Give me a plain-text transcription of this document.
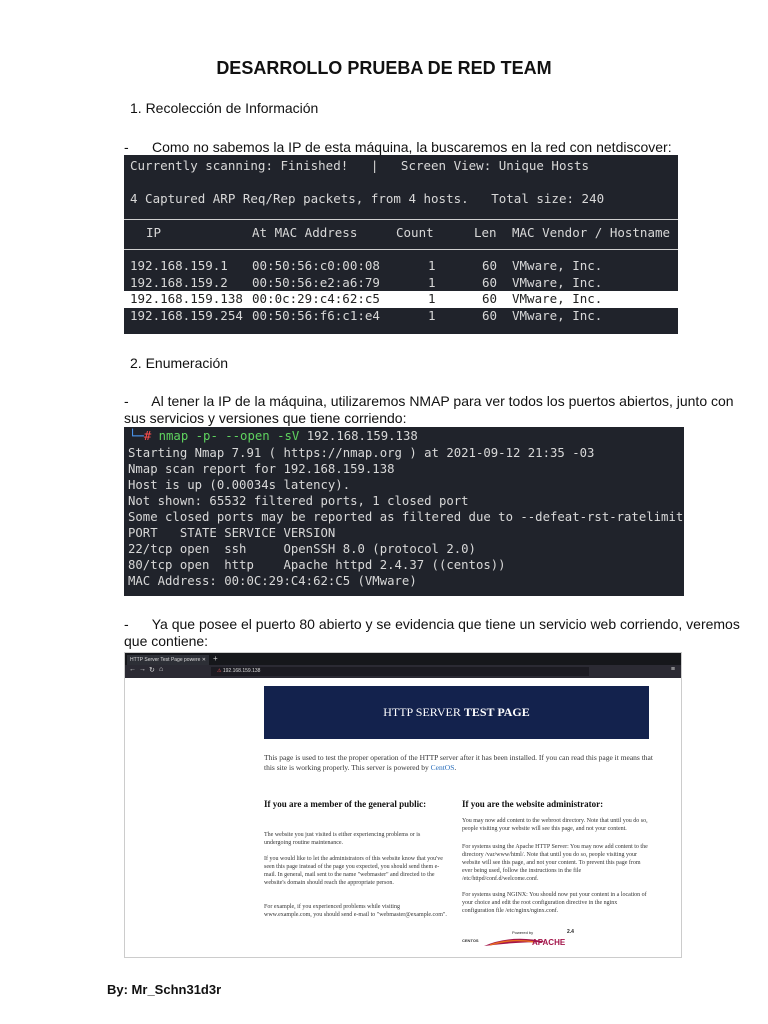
DESARROLLO PRUEBA DE RED TEAM
1. Recolección de Información
-      Como no sabemos la IP de esta máquina, la buscaremos en la red con netdiscover:
Currently scanning: Finished!   |   Screen View: Unique Hosts
4 Captured ARP Req/Rep packets, from 4 hosts.   Total size: 240
IP	At MAC Address	Count	Len MAC Vendor / Hostname
192.168.159.1 00:50:56:c0:00:08	1	60 VMware, Inc.
192.168.159.2 00:50:56:e2:a6:79	1	60 VMware, Inc.
192.168.159.138 00:0c:29:c4:62:c5	1	60 VMware, Inc.
192.168.159.254 00:50:56:f6:c1:e4	1	60 VMware, Inc.
2. Enumeración
-      Al tener la IP de la máquina, utilizaremos NMAP para ver todos los puertos abiertos, junto con
sus servicios y versiones que tiene corriendo:
└─# nmap -p- --open -sV 192.168.159.138
Starting Nmap 7.91 ( https://nmap.org ) at 2021-09-12 21:35 -03
Nmap scan report for 192.168.159.138
Host is up (0.00034s latency).
Not shown: 65532 filtered ports, 1 closed port
Some closed ports may be reported as filtered due to --defeat-rst-ratelimit
PORT   STATE SERVICE VERSION
22/tcp open  ssh     OpenSSH 8.0 (protocol 2.0)
80/tcp open  http    Apache httpd 2.4.37 ((centos))
MAC Address: 00:0C:29:C4:62:C5 (VMware)
-      Ya que posee el puerto 80 abierto y se evidencia que tiene un servicio web corriendo, veremos
que contiene:
HTTP Server Test Page powere ✕ +
← → ↻ ⌂	⚠ 192.168.159.138	≡
HTTP SERVER TEST PAGE
This page is used to test the proper operation of the HTTP server after it has been installed. If you can read this page it means that this site is working properly. This server is powered by CentOS.
If you are a member of the general public:
The website you just visited is either experiencing problems or is undergoing routine maintenance.
If you would like to let the administrators of this website know that you've seen this page instead of the page you expected, you should send them e-mail. In general, mail sent to the name "webmaster" and directed to the website's domain should reach the appropriate person.
For example, if you experienced problems while visiting www.example.com, you should send e-mail to "webmaster@example.com".
If you are the website administrator:
You may now add content to the webroot directory. Note that until you do so, people visiting your website will see this page, and not your content.
For systems using the Apache HTTP Server: You may now add content to the directory /var/www/html/. Note that until you do so, people visiting your website will see this page, and not your content. To prevent this page from ever being used, follow the instructions in the file /etc/httpd/conf.d/welcome.conf.
For systems using NGINX: You should now put your content in a location of your choice and edit the root configuration directive in the nginx configuration file /etc/nginx/nginx.conf.
CENTOS
Powered by	2.4
APACHE
By: Mr_Schn31d3r
